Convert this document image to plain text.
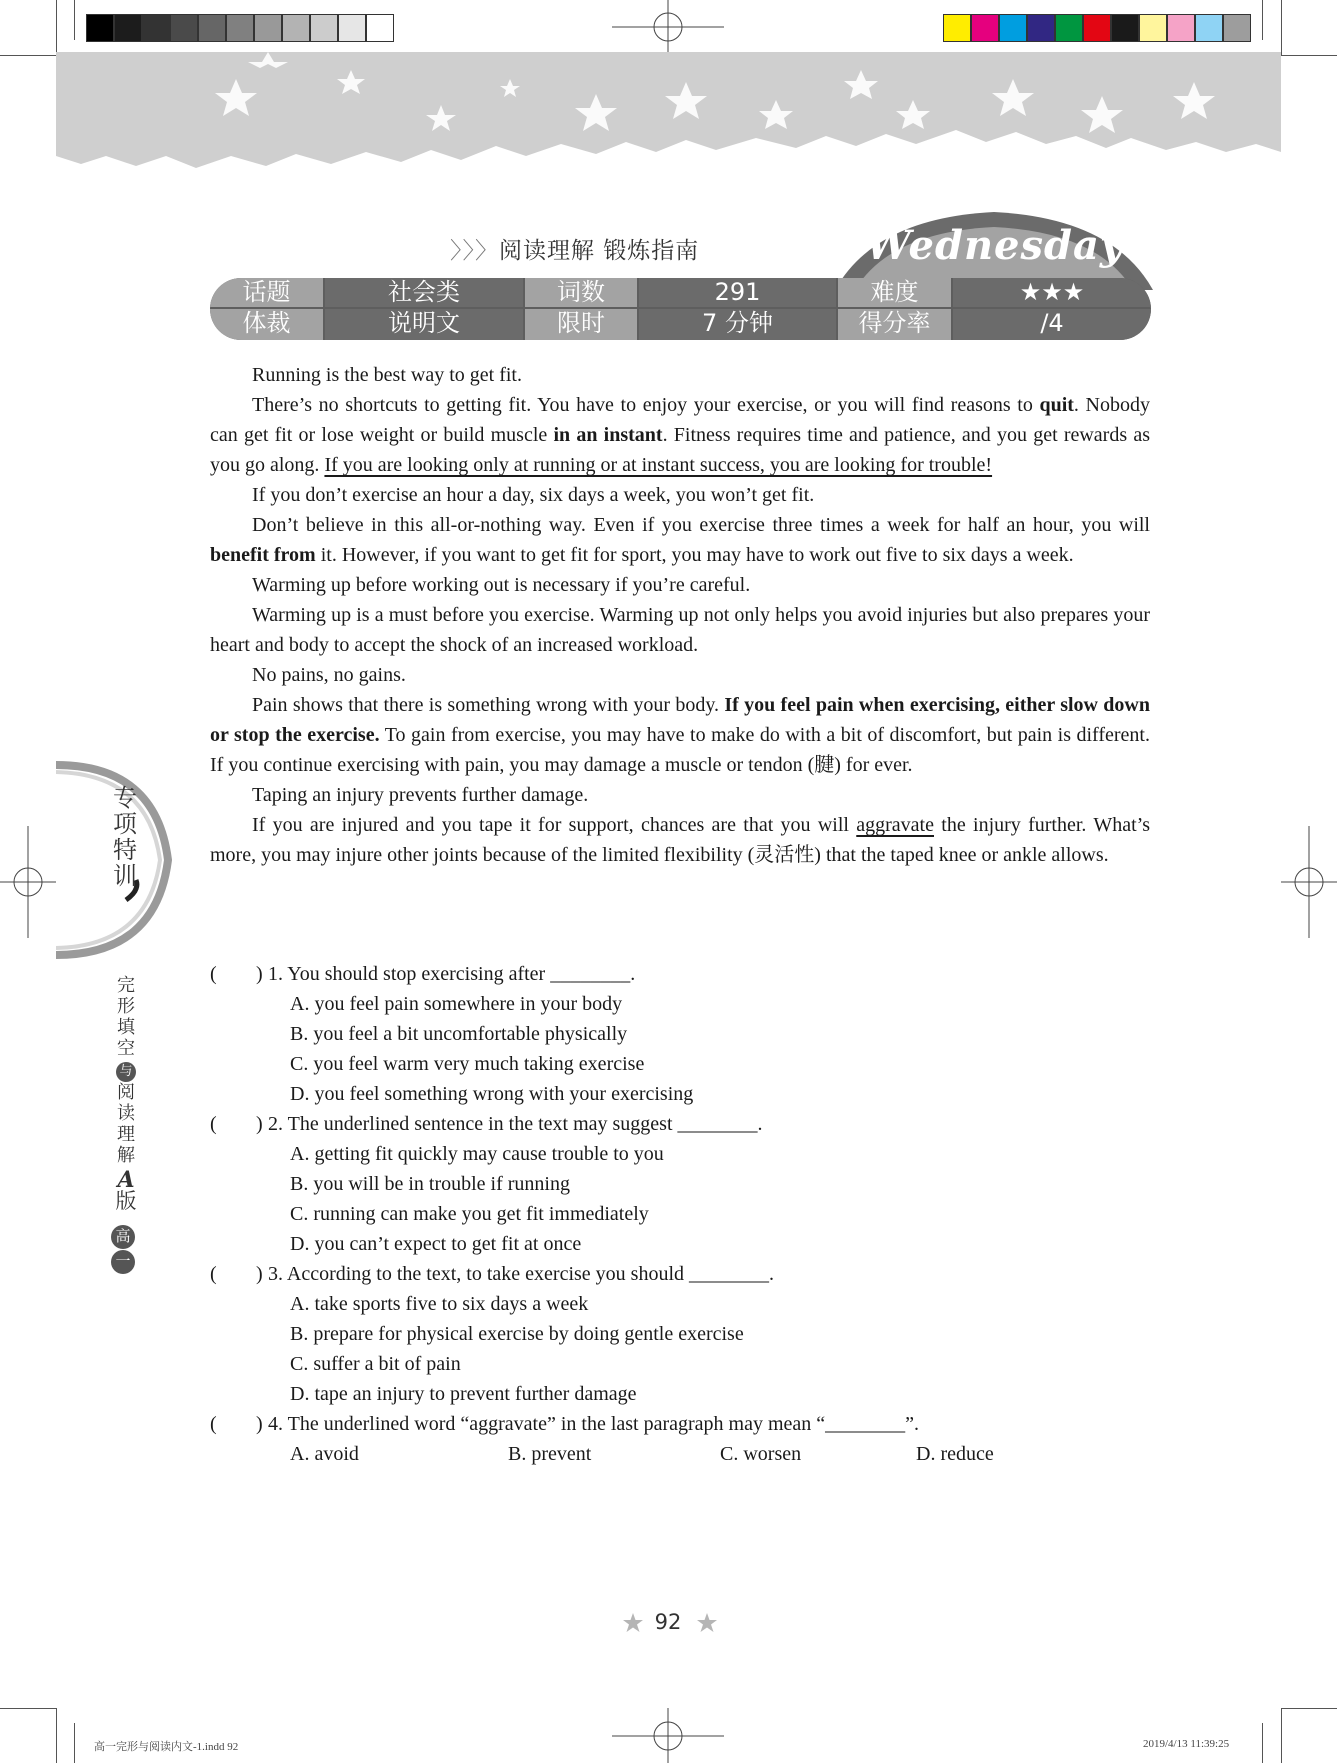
〉〉〉阅读理解 锻炼指南	Wednesday
话题	社会类	词数	291	难度	★★★
体裁	说明文	限时	7 分钟	得分率	/4

Running is the best way to get fit.

There’s no shortcuts to getting fit. You have to enjoy your exercise, or you will find reasons to quit. Nobody can get fit or lose weight or build muscle in an instant. Fitness requires time and patience, and you get rewards as you go along. If you are looking only at running or at instant success, you are looking for trouble!

If you don’t exercise an hour a day, six days a week, you won’t get fit.

Don’t believe in this all-or-nothing way. Even if you exercise three times a week for half an hour, you will benefit from it. However, if you want to get fit for sport, you may have to work out five to six days a week.

Warming up before working out is necessary if you’re careful.

Warming up is a must before you exercise. Warming up not only helps you avoid injuries but also prepares your heart and body to accept the shock of an increased workload.

No pains, no gains.

Pain shows that there is something wrong with your body. If you feel pain when exercising, either slow down or stop the exercise. To gain from exercise, you may have to make do with a bit of discomfort, but pain is different. If you continue exercising with pain, you may damage a muscle or tendon (腱) for ever.

Taping an injury prevents further damage.

If you are injured and you tape it for support, chances are that you will aggravate the injury further. What’s more, you may injure other joints because of the limited flexibility (灵活性) that the taped knee or ankle allows.

( ) 1. You should stop exercising after ________.
A. you feel pain somewhere in your body
B. you feel a bit uncomfortable physically
C. you feel warm very much taking exercise
D. you feel something wrong with your exercising
( ) 2. The underlined sentence in the text may suggest ________.
A. getting fit quickly may cause trouble to you
B. you will be in trouble if running
C. running can make you get fit immediately
D. you can’t expect to get fit at once
( ) 3. According to the text, to take exercise you should ________.
A. take sports five to six days a week
B. prepare for physical exercise by doing gentle exercise
C. suffer a bit of pain
D. tape an injury to prevent further damage
( ) 4. The underlined word “aggravate” in the last paragraph may mean “________”.
A. avoid	B. prevent	C. worsen	D. reduce
专项特训
完形填空
与
阅读理解
A
版
高
一
92
高一完形与阅读内文-1.indd 92	2019/4/13 11:39:25
